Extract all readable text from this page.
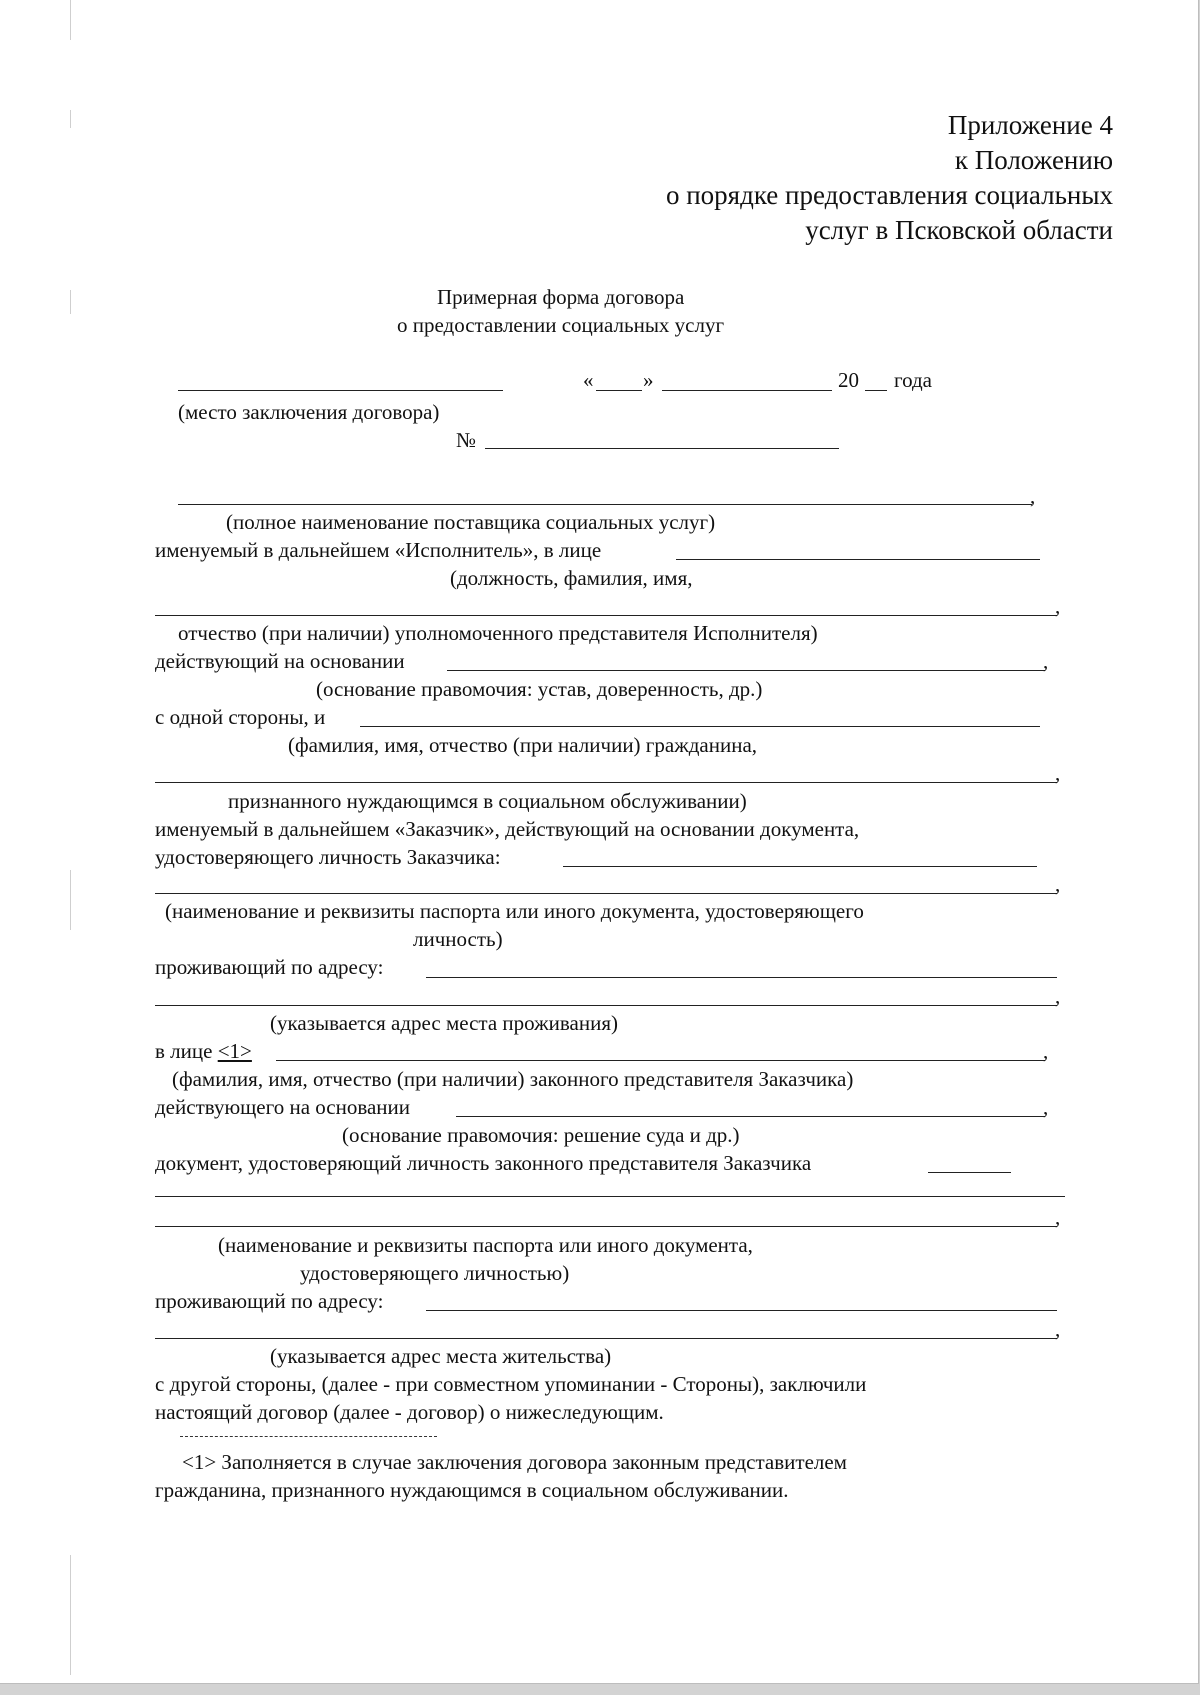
Приложение 4
к Положению
о порядке предоставления социальных
услуг в Псковской области
Примерная форма договора
о предоставлении социальных услуг
« »	20 года
(место заключения договора)
№
,
(полное наименование поставщика социальных услуг)
именуемый в дальнейшем «Исполнитель», в лице
(должность, фамилия, имя,
,
отчество (при наличии) уполномоченного представителя Исполнителя)
действующий на основании	,
(основание правомочия: устав, доверенность, др.)
с одной стороны, и
(фамилия, имя, отчество (при наличии) гражданина,
,
признанного нуждающимся в социальном обслуживании)
именуемый в дальнейшем «Заказчик», действующий на основании документа,
удостоверяющего личность Заказчика:
,
(наименование и реквизиты паспорта или иного документа, удостоверяющего
личность)
проживающий по адресу:
,
(указывается адрес места проживания)
в лице <1>	,
(фамилия, имя, отчество (при наличии) законного представителя Заказчика)
действующего на основании	,
(основание правомочия: решение суда и др.)
документ, удостоверяющий личность законного представителя Заказчика
,
(наименование и реквизиты паспорта или иного документа,
удостоверяющего личностью)
проживающий по адресу:
,
(указывается адрес места жительства)
с другой стороны, (далее - при совместном упоминании - Стороны), заключили
настоящий договор (далее - договор) о нижеследующим.
<1> Заполняется в случае заключения договора законным представителем
гражданина, признанного нуждающимся в социальном обслуживании.
